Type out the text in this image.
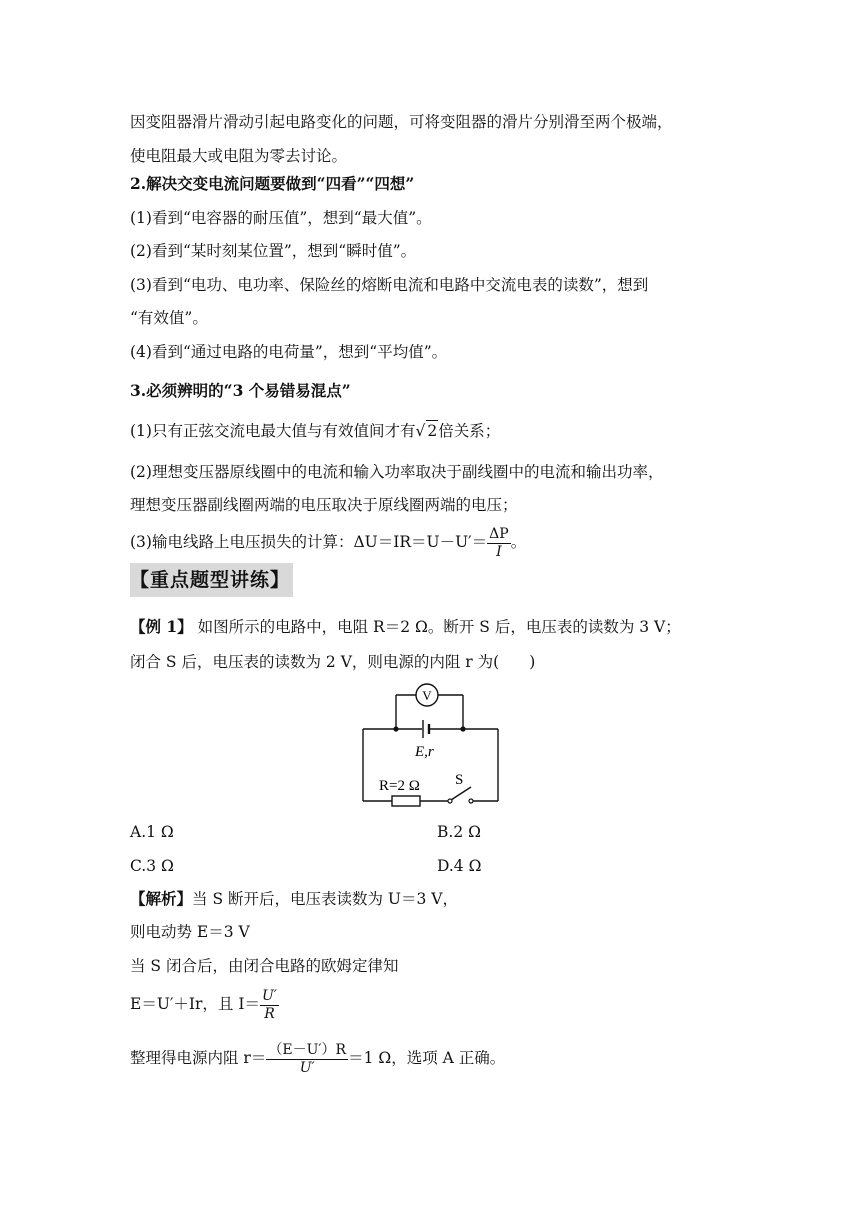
因变阻器滑片滑动引起电路变化的问题，可将变阻器的滑片分别滑至两个极端，
使电阻最大或电阻为零去讨论。
2.解决交变电流问题要做到“四看”“四想”
(1)看到“电容器的耐压值”，想到“最大值”。
(2)看到“某时刻某位置”，想到“瞬时值”。
(3)看到“电功、电功率、保险丝的熔断电流和电路中交流电表的读数”，想到
“有效值”。
(4)看到“通过电路的电荷量”，想到“平均值”。
3.必须辨明的“3 个易错易混点”
(1)只有正弦交流电最大值与有效值间才有√ 2倍关系；
(2)理想变压器原线圈中的电流和输入功率取决于副线圈中的电流和输出功率，
理想变压器副线圈两端的电压取决于原线圈两端的电压；
(3)输电线路上电压损失的计算：$\Delta U=IR=U-U'= \frac{\Delta P}{I}$ 。
【重点题型讲练】
【例 1】 如图所示的电路中，电阻 R＝2 Ω。断开 S 后，电压表的读数为 3 V；
闭合 S 后，电压表的读数为 2 V，则电源的内阻 r 为( )
V
E,r
R=2 Ω S
A.1 Ω	B.2 Ω
C.3 Ω	D.4 Ω
【解析】当 S 断开后，电压表读数为 U＝3 V，
则电动势 E＝3 V
当 S 闭合后，由闭合电路的欧姆定律知
E＝U′＋Ir，且 $I= \frac{U'}{R}$
整理得电源内阻 $r= \frac{(E-U')R}{U'} =1$ Ω，选项 A 正确。
